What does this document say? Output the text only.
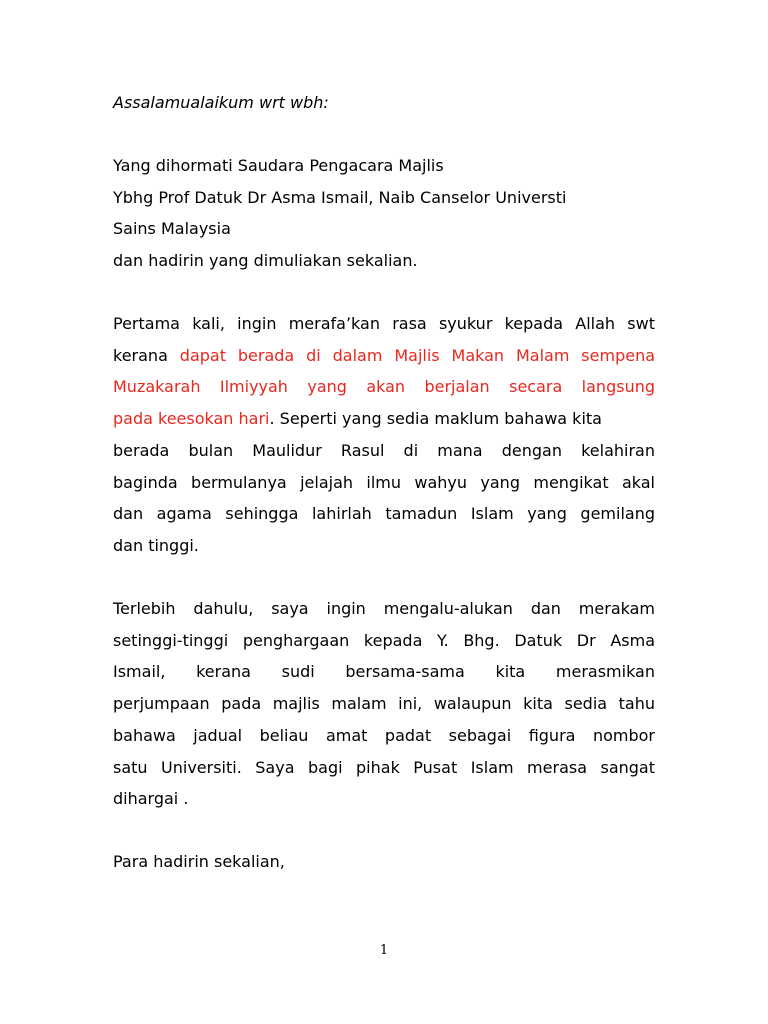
Assalamualaikum wrt wbh:
Yang dihormati Saudara Pengacara Majlis
Ybhg Prof Datuk Dr Asma Ismail, Naib Canselor Universti
Sains Malaysia
dan hadirin yang dimuliakan sekalian.
Pertama kali, ingin merafa’kan rasa syukur kepada Allah swt
kerana dapat berada di dalam Majlis Makan Malam sempena
Muzakarah Ilmiyyah yang akan berjalan secara langsung
pada keesokan hari. Seperti yang sedia maklum bahawa kita
berada bulan Maulidur Rasul di mana dengan kelahiran
baginda bermulanya jelajah ilmu wahyu yang mengikat akal
dan agama sehingga lahirlah tamadun Islam yang gemilang
dan tinggi.
Terlebih dahulu, saya ingin mengalu-alukan dan merakam
setinggi-tinggi penghargaan kepada Y. Bhg. Datuk Dr Asma
Ismail, kerana sudi bersama-sama kita merasmikan
perjumpaan pada majlis malam ini, walaupun kita sedia tahu
bahawa jadual beliau amat padat sebagai figura nombor
satu Universiti. Saya bagi pihak Pusat Islam merasa sangat
dihargai .
Para hadirin sekalian,
1
